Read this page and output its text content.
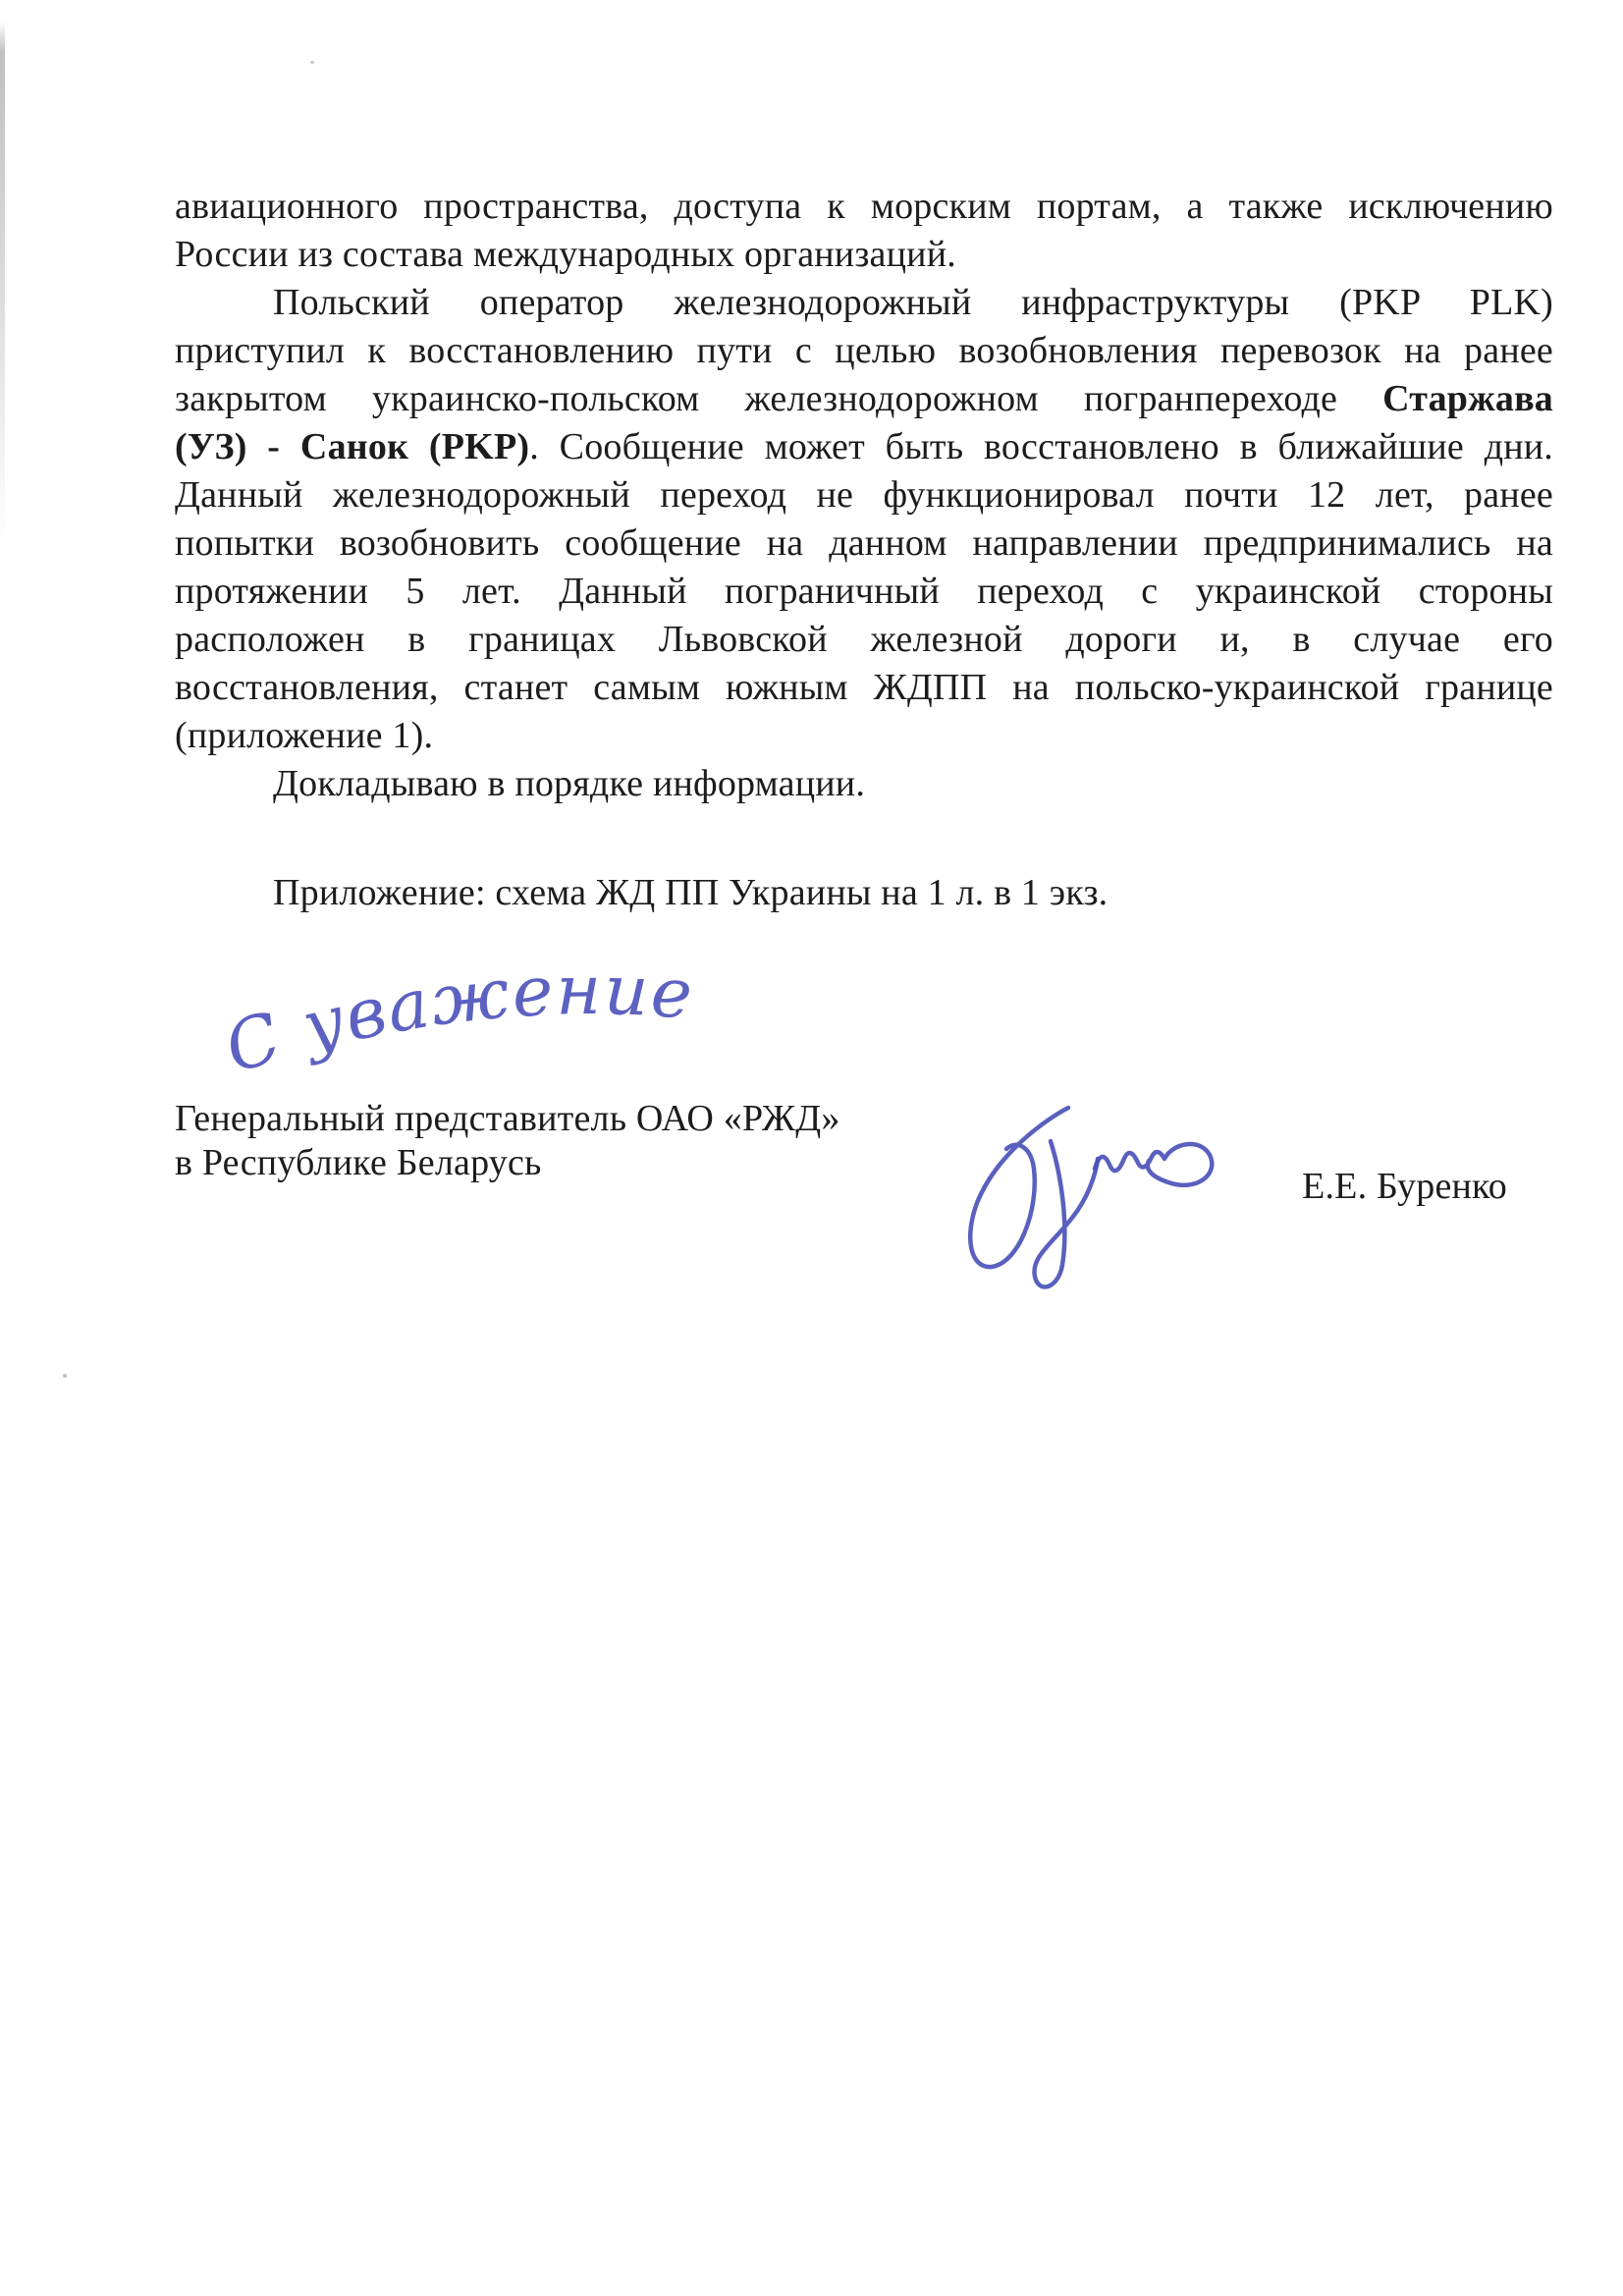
авиационного пространства, доступа к морским портам, а также исключению
России из состава международных организаций.
Польский оператор железнодорожный инфраструктуры (PKP PLK)
приступил к восстановлению пути с целью возобновления перевозок на ранее
закрытом украинско-польском железнодорожном погранпереходе Старжава
(УЗ) - Санок (PKP). Сообщение может быть восстановлено в ближайшие дни.
Данный железнодорожный переход не функционировал почти 12 лет, ранее
попытки возобновить сообщение на данном направлении предпринимались на
протяжении 5 лет. Данный пограничный переход с украинской стороны
расположен в границах Львовской железной дороги и, в случае его
восстановления, станет самым южным ЖДПП на польско-украинской границе
(приложение 1).
Докладываю в порядке информации.
Приложение: схема ЖД ПП Украины на 1 л. в 1 экз.
С уважением,
Генеральный представитель ОАО «РЖД»
в Республике Беларусь
Е.Е. Буренко
